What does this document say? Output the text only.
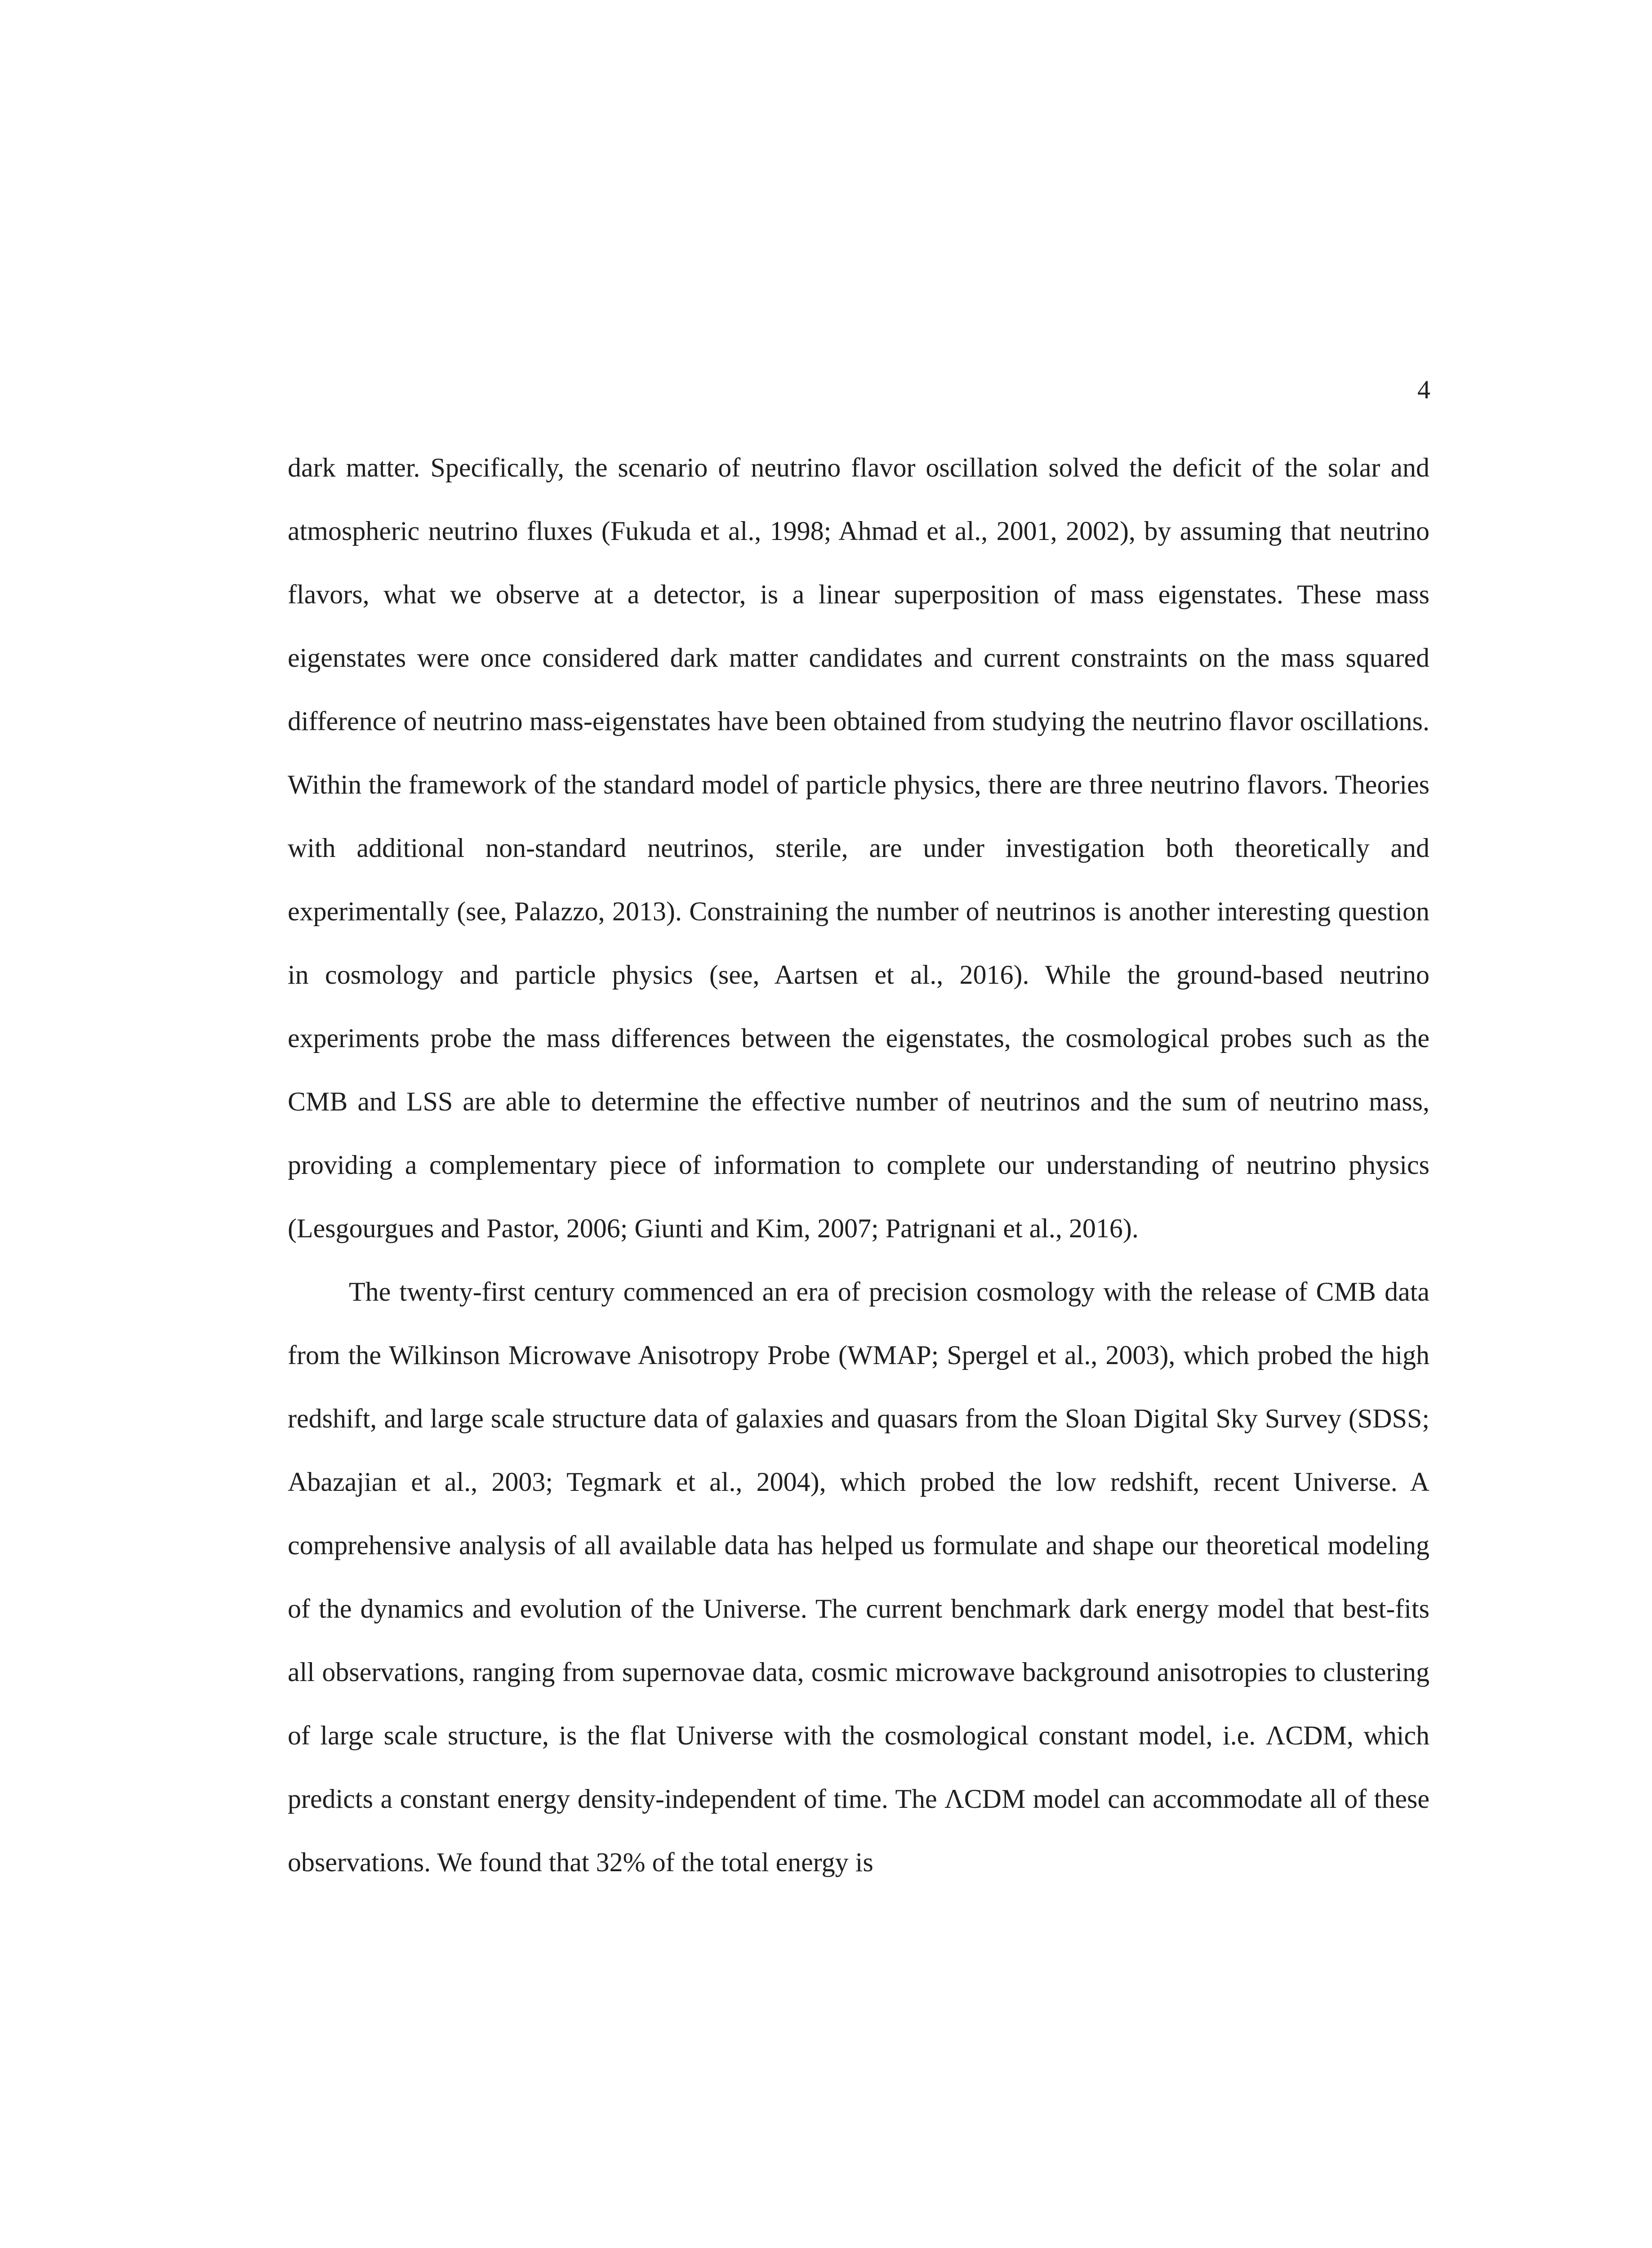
4

dark matter. Specifically, the scenario of neutrino flavor oscillation solved the deficit of the solar and atmospheric neutrino fluxes (Fukuda et al., 1998; Ahmad et al., 2001, 2002), by assuming that neutrino flavors, what we observe at a detector, is a linear superposition of mass eigenstates. These mass eigenstates were once considered dark matter candidates and current constraints on the mass squared difference of neutrino mass-eigenstates have been obtained from studying the neutrino flavor oscillations. Within the framework of the standard model of particle physics, there are three neutrino flavors. Theories with additional non-standard neutrinos, sterile, are under investigation both theoretically and experimentally (see, Palazzo, 2013). Constraining the number of neutrinos is another interesting question in cosmology and particle physics (see, Aartsen et al., 2016). While the ground-based neutrino experiments probe the mass differences between the eigenstates, the cosmological probes such as the CMB and LSS are able to determine the effective number of neutrinos and the sum of neutrino mass, providing a complementary piece of information to complete our understanding of neutrino physics (Lesgourgues and Pastor, 2006; Giunti and Kim, 2007; Patrignani et al., 2016).

The twenty-first century commenced an era of precision cosmology with the release of CMB data from the Wilkinson Microwave Anisotropy Probe (WMAP; Spergel et al., 2003), which probed the high redshift, and large scale structure data of galaxies and quasars from the Sloan Digital Sky Survey (SDSS; Abazajian et al., 2003; Tegmark et al., 2004), which probed the low redshift, recent Universe. A comprehensive analysis of all available data has helped us formulate and shape our theoretical modeling of the dynamics and evolution of the Universe. The current benchmark dark energy model that best-fits all observations, ranging from supernovae data, cosmic microwave background anisotropies to clustering of large scale structure, is the flat Universe with the cosmological constant model, i.e. ΛCDM, which predicts a constant energy density-independent of time. The ΛCDM model can accommodate all of these observations. We found that 32% of the total energy is
